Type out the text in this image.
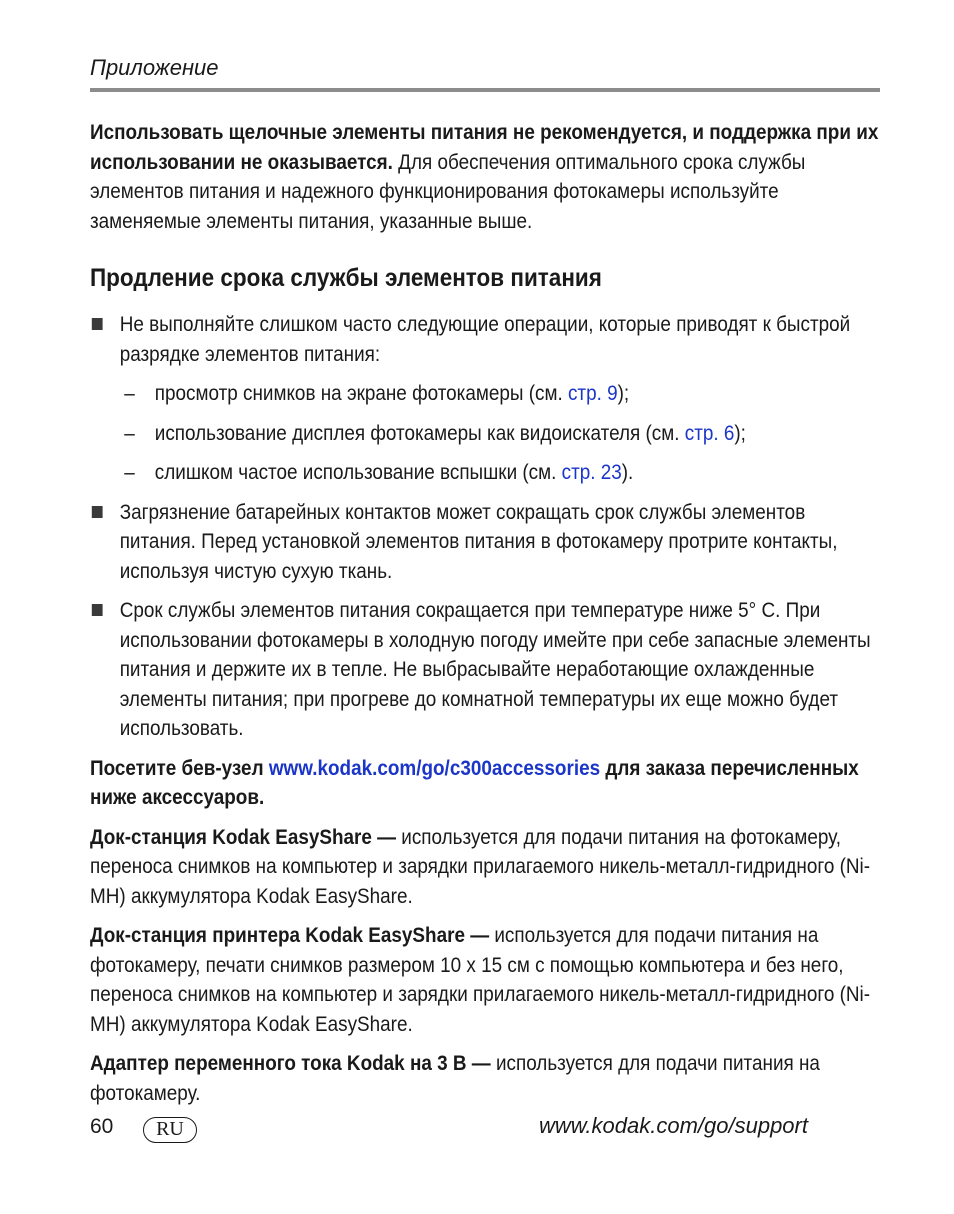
Приложение

Использовать щелочные элементы питания не рекомендуется, и поддержка при их использовании не оказывается. Для обеспечения оптимального срока службы элементов питания и надежного функционирования фотокамеры используйте заменяемые элементы питания, указанные выше.

Продление срока службы элементов питания
Не выполняйте слишком часто следующие операции, которые приводят к быстрой разрядке элементов питания:
– просмотр снимков на экране фотокамеры (см. стр. 9);
– использование дисплея фотокамеры как видоискателя (см. стр. 6);
– слишком частое использование вспышки (см. стр. 23).
Загрязнение батарейных контактов может сокращать срок службы элементов питания. Перед установкой элементов питания в фотокамеру протрите контакты, используя чистую сухую ткань.
Срок службы элементов питания сокращается при температуре ниже 5° С. При использовании фотокамеры в холодную погоду имейте при себе запасные элементы питания и держите их в тепле. Не выбрасывайте неработающие охлажденные элементы питания; при прогреве до комнатной температуры их еще можно будет использовать.

Посетите бев-узел www.kodak.com/go/c300accessories для заказа перечисленных ниже аксессуаров.

Док-станция Kodak EasyShare — используется для подачи питания на фотокамеру, переноса снимков на компьютер и зарядки прилагаемого никель-металл-гидридного (Ni-MH) аккумулятора Kodak EasyShare.

Док-станция принтера Kodak EasyShare — используется для подачи питания на фотокамеру, печати снимков размером 10 x 15 см с помощью компьютера и без него, переноса снимков на компьютер и зарядки прилагаемого никель-металл-гидридного (Ni-MH) аккумулятора Kodak EasyShare.

Адаптер переменного тока Kodak на 3 В — используется для подачи питания на фотокамеру.

60	RU	www.kodak.com/go/support
